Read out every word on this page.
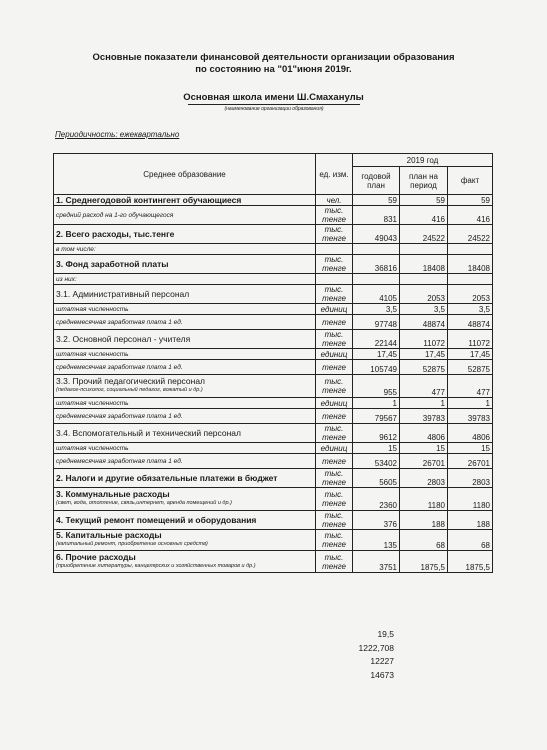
Основные показатели финансовой деятельности организации образования
по состоянию на "01"июня 2019г.
Основная школа имени Ш.Смаханулы
(наименование организации образования)
Периодичность: ежеквартально
Среднее образование	ед. изм.	2019 год		
		годовой план	план на период	факт
1. Среднегодовой контингент обучающиеся	чел.	59	59	59
средний расход на 1-го обучающегося	тыс. тенге	831	416	416
2. Всего расходы, тыс.тенге	тыс. тенге	49043	24522	24522
в том числе:				
3. Фонд заработной платы	тыс. тенге	36816	18408	18408
из них:				
3.1. Административный персонал	тыс. тенге	4105	2053	2053
штатная численность	единиц	3,5	3,5	3,5
среднемесячная заработная плата 1 ед.	тенге	97748	48874	48874
3.2. Основной персонал - учителя	тыс. тенге	22144	11072	11072
штатная численность	единиц	17,45	17,45	17,45
среднемесячная заработная плата 1 ед.	тенге	105749	52875	52875
3.3. Прочий педагогический персонал
(педагог-психолог, социальный педагог, вожатый и др.)	тыс. тенге	955	477	477
штатная численность	единиц	1	1	1
среднемесячная заработная плата 1 ед.	тенге	79567	39783	39783
3.4. Вспомогательный и технический персонал	тыс. тенге	9612	4806	4806
штатная численность	единиц	15	15	15
среднемесячная заработная плата 1 ед.	тенге	53402	26701	26701
2. Налоги и другие обязательные платежи в бюджет	тыс. тенге	5605	2803	2803
3. Коммунальные расходы
(свет, вода, отопление, связь,интернет, аренда помещений и др.)	тыс. тенге	2360	1180	1180
4. Текущий ремонт помещений и оборудования	тыс. тенге	376	188	188
5. Капитальные расходы
(капитальный ремонт, приобретение основных средств)	тыс. тенге	135	68	68
6. Прочие расходы
(приобретение литературы, канцелярских и хозяйственных товаров и др.)	тыс. тенге	3751	1875,5	1875,5
19,5
1222,708
12227
14673
